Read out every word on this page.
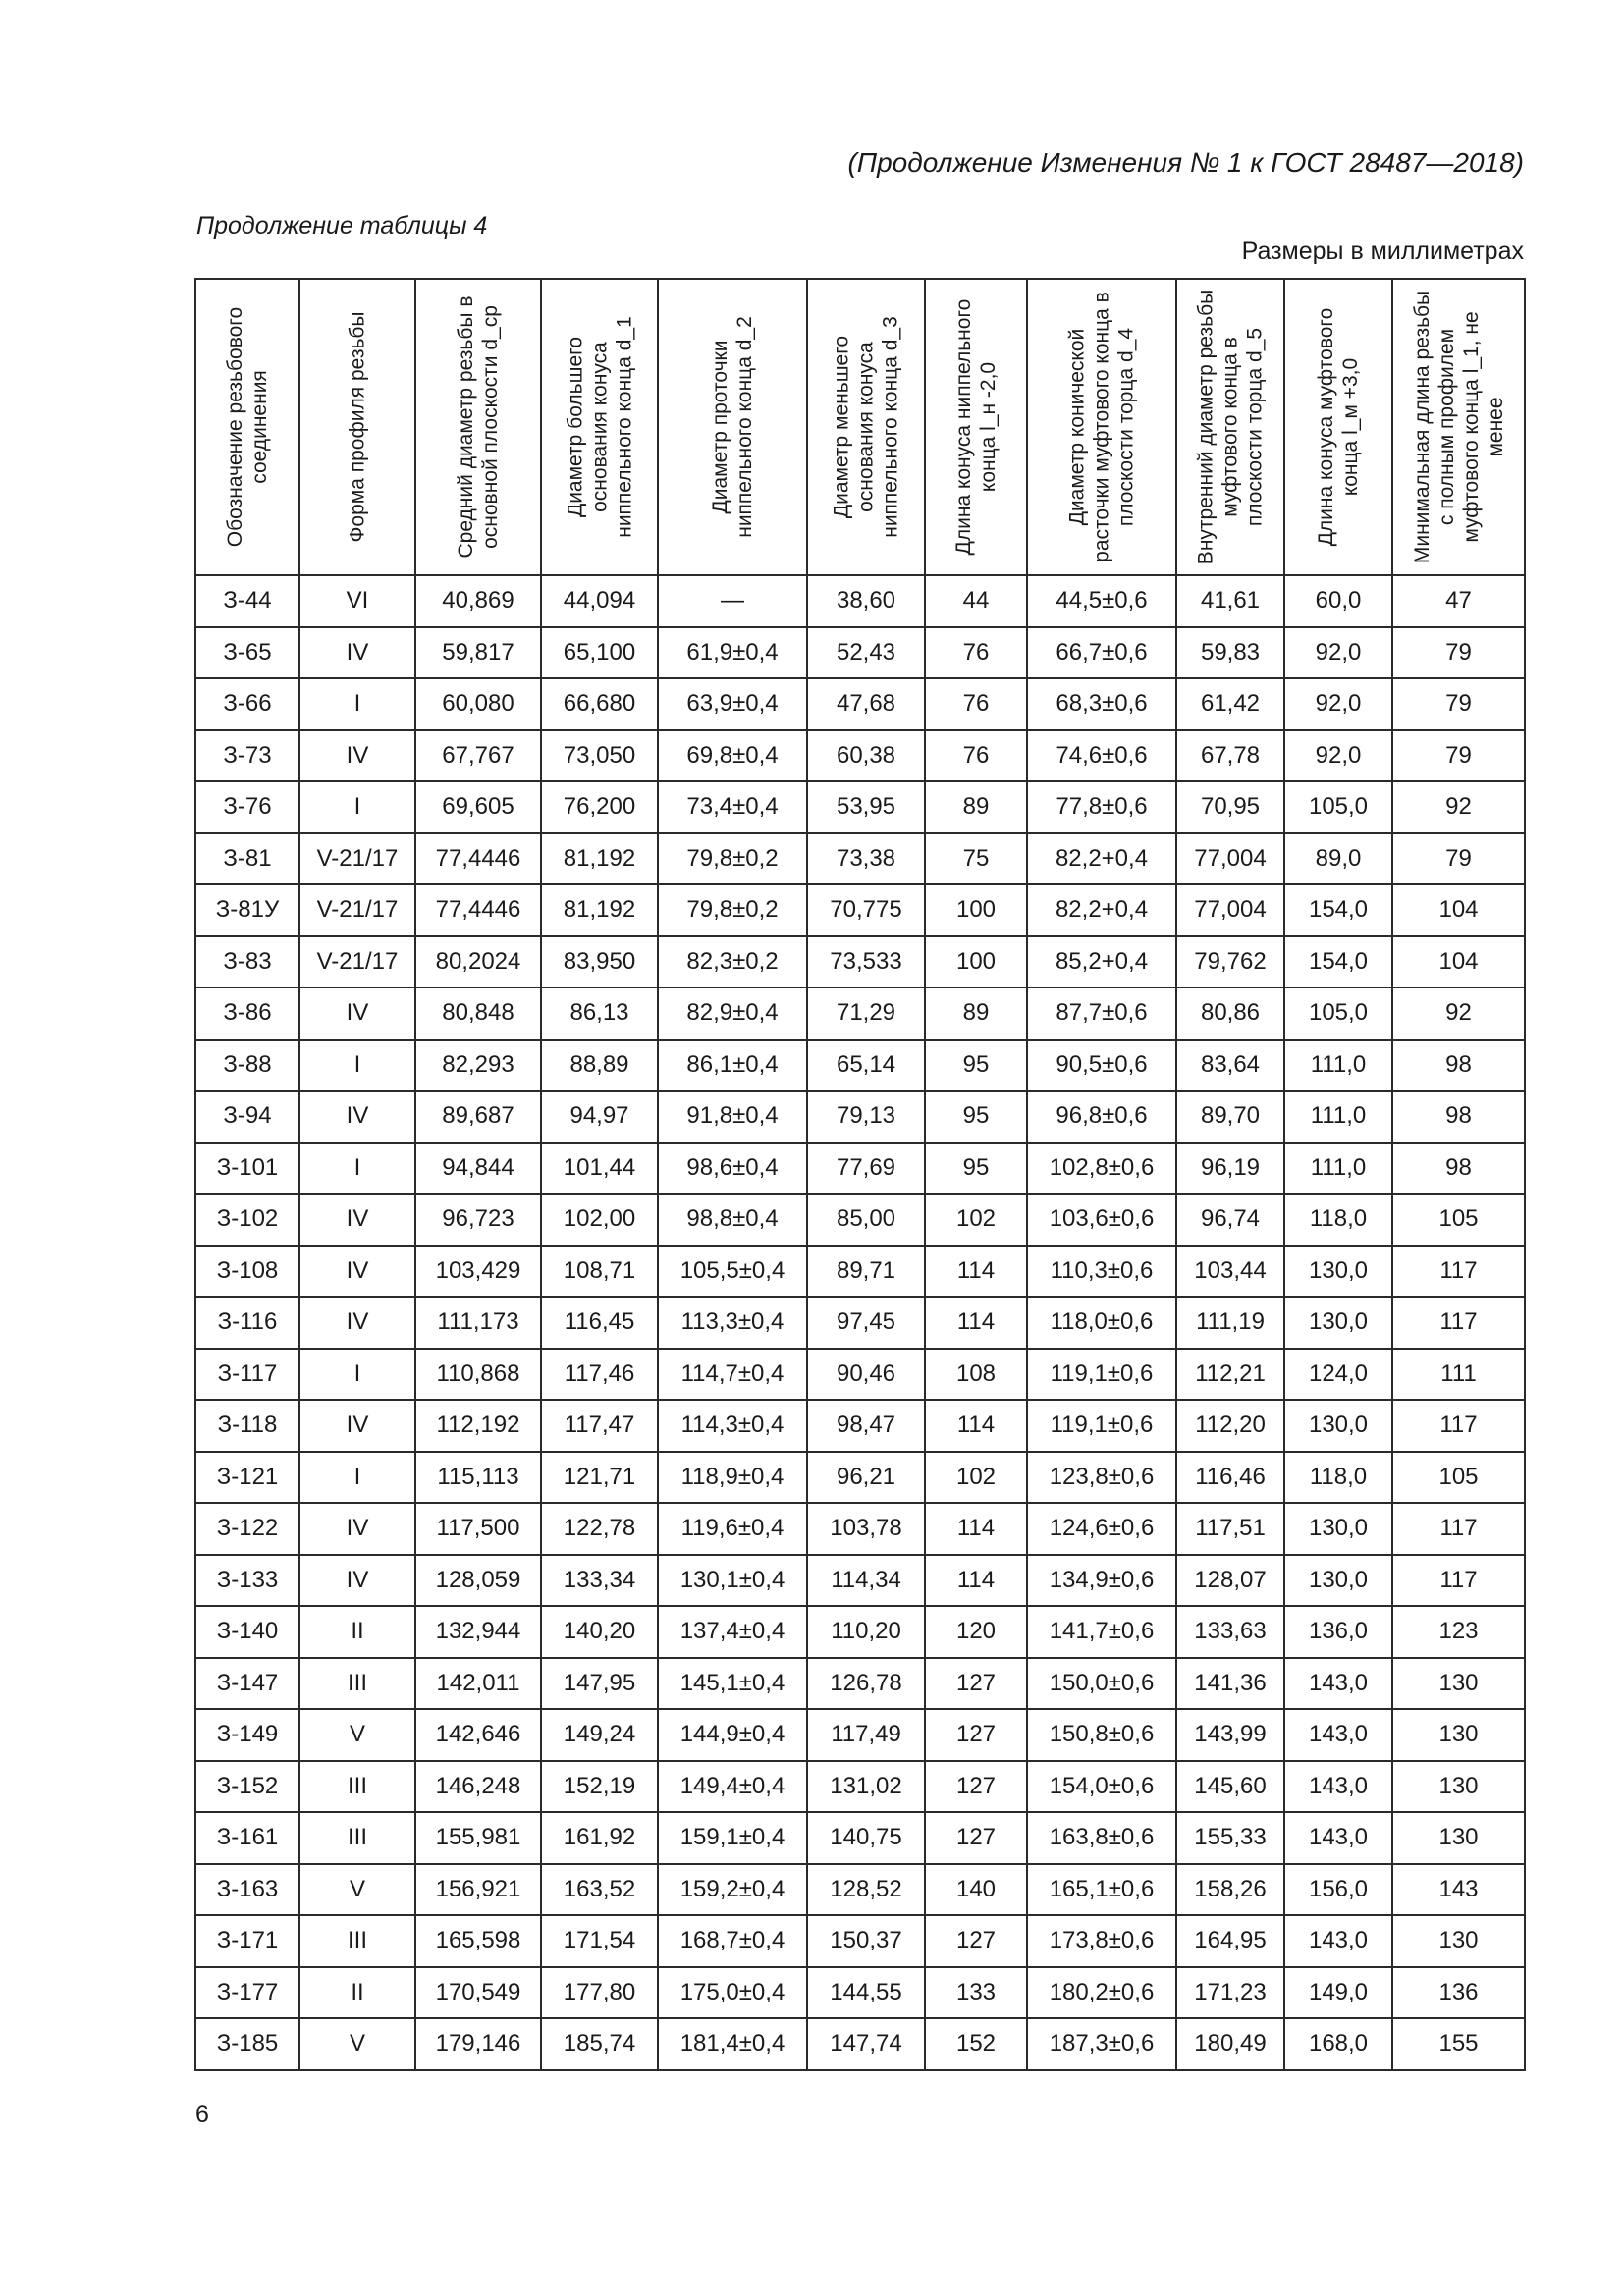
(Продолжение Изменения № 1 к ГОСТ 28487—2018)
Продолжение таблицы 4
Размеры в миллиметрах
Обозначение резьбового соединения	Форма профиля резьбы	Средний диаметр резьбы в основной плоскости d_ср	Диаметр большего основания конуса ниппельного конца d_1	Диаметр проточки ниппельного конца d_2	Диаметр меньшего основания конуса ниппельного конца d_3	Длина конуса ниппельного конца l_н -2,0	Диаметр конической расточки муфтового конца в плоскости торца d_4	Внутренний диаметр резьбы муфтового конца в плоскости торца d_5	Длина конуса муфтового конца l_м +3,0	Минимальная длина резьбы с полным профилем муфтового конца l_1, не менее

З-44	VI	40,869	44,094	—	38,60	44	44,5±0,6	41,61	60,0	47
З-65	IV	59,817	65,100	61,9±0,4	52,43	76	66,7±0,6	59,83	92,0	79
З-66	I	60,080	66,680	63,9±0,4	47,68	76	68,3±0,6	61,42	92,0	79
З-73	IV	67,767	73,050	69,8±0,4	60,38	76	74,6±0,6	67,78	92,0	79
З-76	I	69,605	76,200	73,4±0,4	53,95	89	77,8±0,6	70,95	105,0	92
З-81	V-21/17	77,4446	81,192	79,8±0,2	73,38	75	82,2+0,4	77,004	89,0	79
З-81У	V-21/17	77,4446	81,192	79,8±0,2	70,775	100	82,2+0,4	77,004	154,0	104
З-83	V-21/17	80,2024	83,950	82,3±0,2	73,533	100	85,2+0,4	79,762	154,0	104
З-86	IV	80,848	86,13	82,9±0,4	71,29	89	87,7±0,6	80,86	105,0	92
З-88	I	82,293	88,89	86,1±0,4	65,14	95	90,5±0,6	83,64	111,0	98
З-94	IV	89,687	94,97	91,8±0,4	79,13	95	96,8±0,6	89,70	111,0	98
З-101	I	94,844	101,44	98,6±0,4	77,69	95	102,8±0,6	96,19	111,0	98
З-102	IV	96,723	102,00	98,8±0,4	85,00	102	103,6±0,6	96,74	118,0	105
З-108	IV	103,429	108,71	105,5±0,4	89,71	114	110,3±0,6	103,44	130,0	117
З-116	IV	111,173	116,45	113,3±0,4	97,45	114	118,0±0,6	111,19	130,0	117
З-117	I	110,868	117,46	114,7±0,4	90,46	108	119,1±0,6	112,21	124,0	111
З-118	IV	112,192	117,47	114,3±0,4	98,47	114	119,1±0,6	112,20	130,0	117
З-121	I	115,113	121,71	118,9±0,4	96,21	102	123,8±0,6	116,46	118,0	105
З-122	IV	117,500	122,78	119,6±0,4	103,78	114	124,6±0,6	117,51	130,0	117
З-133	IV	128,059	133,34	130,1±0,4	114,34	114	134,9±0,6	128,07	130,0	117
З-140	II	132,944	140,20	137,4±0,4	110,20	120	141,7±0,6	133,63	136,0	123
З-147	III	142,011	147,95	145,1±0,4	126,78	127	150,0±0,6	141,36	143,0	130
З-149	V	142,646	149,24	144,9±0,4	117,49	127	150,8±0,6	143,99	143,0	130
З-152	III	146,248	152,19	149,4±0,4	131,02	127	154,0±0,6	145,60	143,0	130
З-161	III	155,981	161,92	159,1±0,4	140,75	127	163,8±0,6	155,33	143,0	130
З-163	V	156,921	163,52	159,2±0,4	128,52	140	165,1±0,6	158,26	156,0	143
З-171	III	165,598	171,54	168,7±0,4	150,37	127	173,8±0,6	164,95	143,0	130
З-177	II	170,549	177,80	175,0±0,4	144,55	133	180,2±0,6	171,23	149,0	136
З-185	V	179,146	185,74	181,4±0,4	147,74	152	187,3±0,6	180,49	168,0	155
6
